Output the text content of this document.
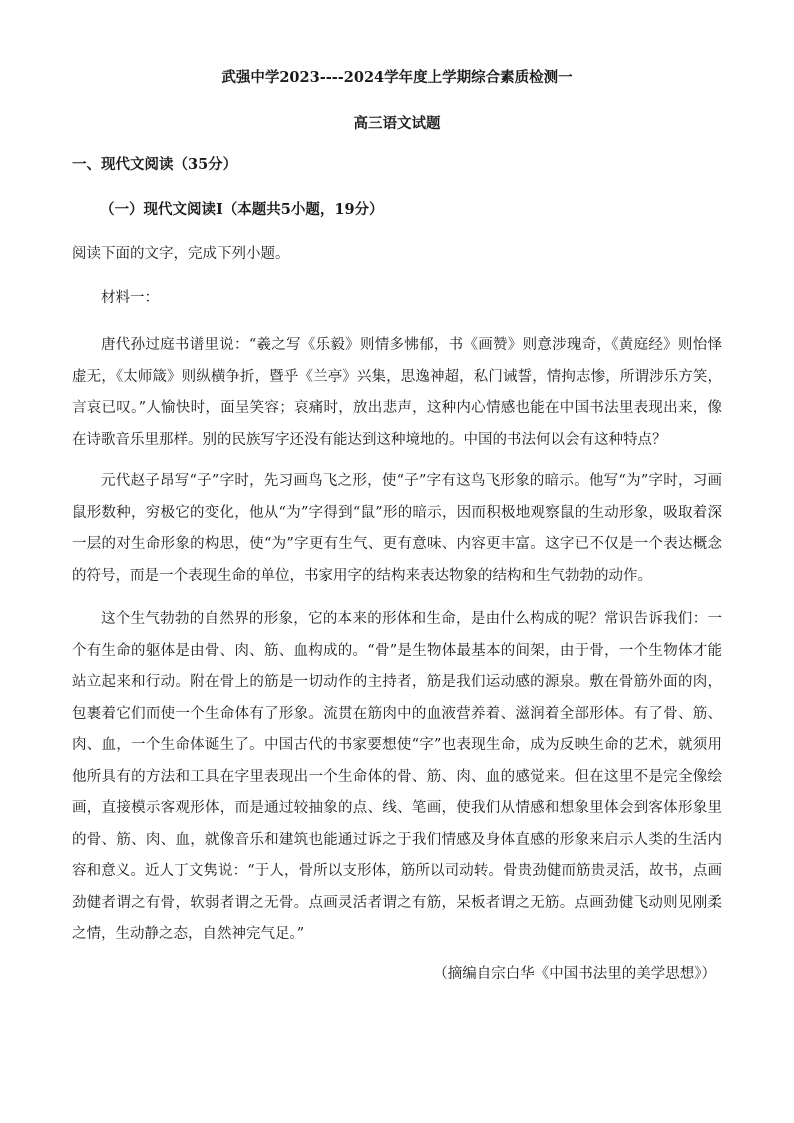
武强中学2023----2024学年度上学期综合素质检测一
高三语文试题
一、现代文阅读（35分）
（一）现代文阅读Ⅰ（本题共5小题，19分）
阅读下面的文字，完成下列小题。
材料一：
唐代孙过庭书谱里说：“羲之写《乐毅》则情多怫郁，书《画赞》则意涉瑰奇，《黄庭经》则怡怿虚无，《太师箴》则纵横争折，暨乎《兰亭》兴集，思逸神超，私门诫誓，情拘志惨，所谓涉乐方笑，言哀已叹。”人愉快时，面呈笑容；哀痛时，放出悲声，这种内心情感也能在中国书法里表现出来，像在诗歌音乐里那样。别的民族写字还没有能达到这种境地的。中国的书法何以会有这种特点？
元代赵子昂写“子”字时，先习画鸟飞之形，使“子”字有这鸟飞形象的暗示。他写“为”字时，习画鼠形数种，穷极它的变化，他从“为”字得到“鼠”形的暗示，因而积极地观察鼠的生动形象，吸取着深一层的对生命形象的构思，使“为”字更有生气、更有意味、内容更丰富。这字已不仅是一个表达概念的符号，而是一个表现生命的单位，书家用字的结构来表达物象的结构和生气勃勃的动作。
这个生气勃勃的自然界的形象，它的本来的形体和生命，是由什么构成的呢？常识告诉我们：一个有生命的躯体是由骨、肉、筋、血构成的。“骨”是生物体最基本的间架，由于骨，一个生物体才能站立起来和行动。附在骨上的筋是一切动作的主持者，筋是我们运动感的源泉。敷在骨筋外面的肉，包裹着它们而使一个生命体有了形象。流贯在筋肉中的血液营养着、滋润着全部形体。有了骨、筋、肉、血，一个生命体诞生了。中国古代的书家要想使“字”也表现生命，成为反映生命的艺术，就须用他所具有的方法和工具在字里表现出一个生命体的骨、筋、肉、血的感觉来。但在这里不是完全像绘画，直接模示客观形体，而是通过较抽象的点、线、笔画，使我们从情感和想象里体会到客体形象里的骨、筋、肉、血，就像音乐和建筑也能通过诉之于我们情感及身体直感的形象来启示人类的生活内容和意义。近人丁文隽说：“于人，骨所以支形体，筋所以司动转。骨贵劲健而筋贵灵活，故书，点画劲健者谓之有骨，软弱者谓之无骨。点画灵活者谓之有筋，呆板者谓之无筋。点画劲健飞动则见刚柔之情，生动静之态，自然神完气足。”
（摘编自宗白华《中国书法里的美学思想》）
